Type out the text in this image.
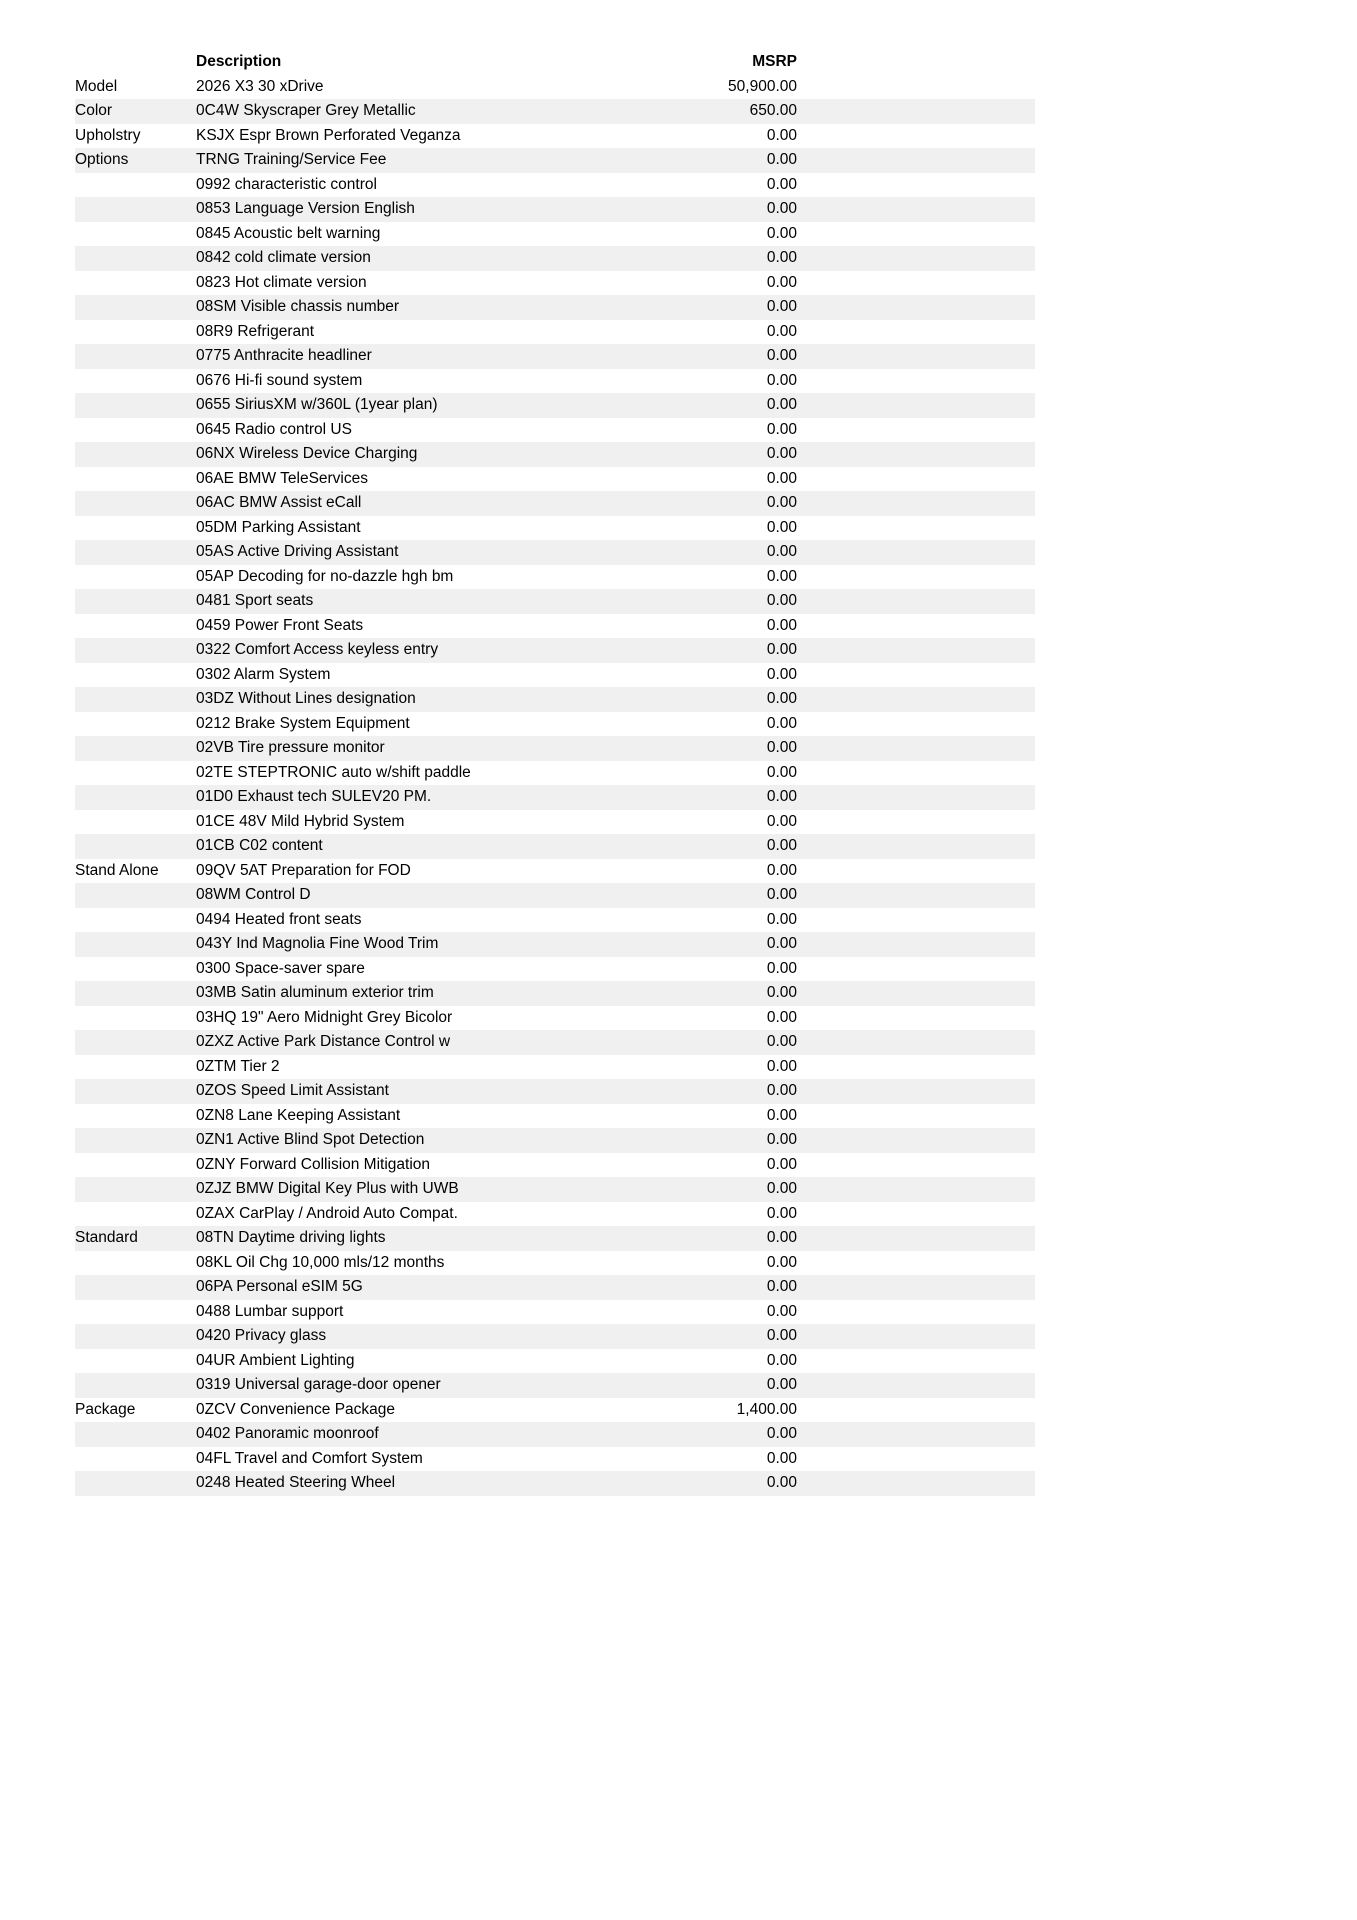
	Description	MSRP	
Model	2026 X3 30 xDrive	50,900.00	
Color	0C4W Skyscraper Grey Metallic	650.00	
Upholstry	KSJX Espr Brown Perforated Veganza	0.00	
Options	TRNG Training/Service Fee	0.00	
	0992 characteristic control	0.00	
	0853 Language Version English	0.00	
	0845 Acoustic belt warning	0.00	
	0842 cold climate version	0.00	
	0823 Hot climate version	0.00	
	08SM Visible chassis number	0.00	
	08R9 Refrigerant	0.00	
	0775 Anthracite headliner	0.00	
	0676 Hi-fi sound system	0.00	
	0655 SiriusXM w/360L (1year plan)	0.00	
	0645 Radio control US	0.00	
	06NX Wireless Device Charging	0.00	
	06AE BMW TeleServices	0.00	
	06AC BMW Assist eCall	0.00	
	05DM Parking Assistant	0.00	
	05AS Active Driving Assistant	0.00	
	05AP Decoding for no-dazzle hgh bm	0.00	
	0481 Sport seats	0.00	
	0459 Power Front Seats	0.00	
	0322 Comfort Access keyless entry	0.00	
	0302 Alarm System	0.00	
	03DZ Without Lines designation	0.00	
	0212 Brake System Equipment	0.00	
	02VB Tire pressure monitor	0.00	
	02TE STEPTRONIC auto w/shift paddle	0.00	
	01D0 Exhaust tech SULEV20 PM.	0.00	
	01CE 48V Mild Hybrid System	0.00	
	01CB C02 content	0.00	
Stand Alone	09QV 5AT Preparation for FOD	0.00	
	08WM Control D	0.00	
	0494 Heated front seats	0.00	
	043Y Ind Magnolia Fine Wood Trim	0.00	
	0300 Space-saver spare	0.00	
	03MB Satin aluminum exterior trim	0.00	
	03HQ 19" Aero Midnight Grey Bicolor	0.00	
	0ZXZ Active Park Distance Control w	0.00	
	0ZTM Tier 2	0.00	
	0ZOS Speed Limit Assistant	0.00	
	0ZN8 Lane Keeping Assistant	0.00	
	0ZN1 Active Blind Spot Detection	0.00	
	0ZNY Forward Collision Mitigation	0.00	
	0ZJZ BMW Digital Key Plus with UWB	0.00	
	0ZAX CarPlay / Android Auto Compat.	0.00	
Standard	08TN Daytime driving lights	0.00	
	08KL Oil Chg 10,000 mls/12 months	0.00	
	06PA Personal eSIM 5G	0.00	
	0488 Lumbar support	0.00	
	0420 Privacy glass	0.00	
	04UR Ambient Lighting	0.00	
	0319 Universal garage-door opener	0.00	
Package	0ZCV Convenience Package	1,400.00	
	0402 Panoramic moonroof	0.00	
	04FL Travel and Comfort System	0.00	
	0248 Heated Steering Wheel	0.00	
